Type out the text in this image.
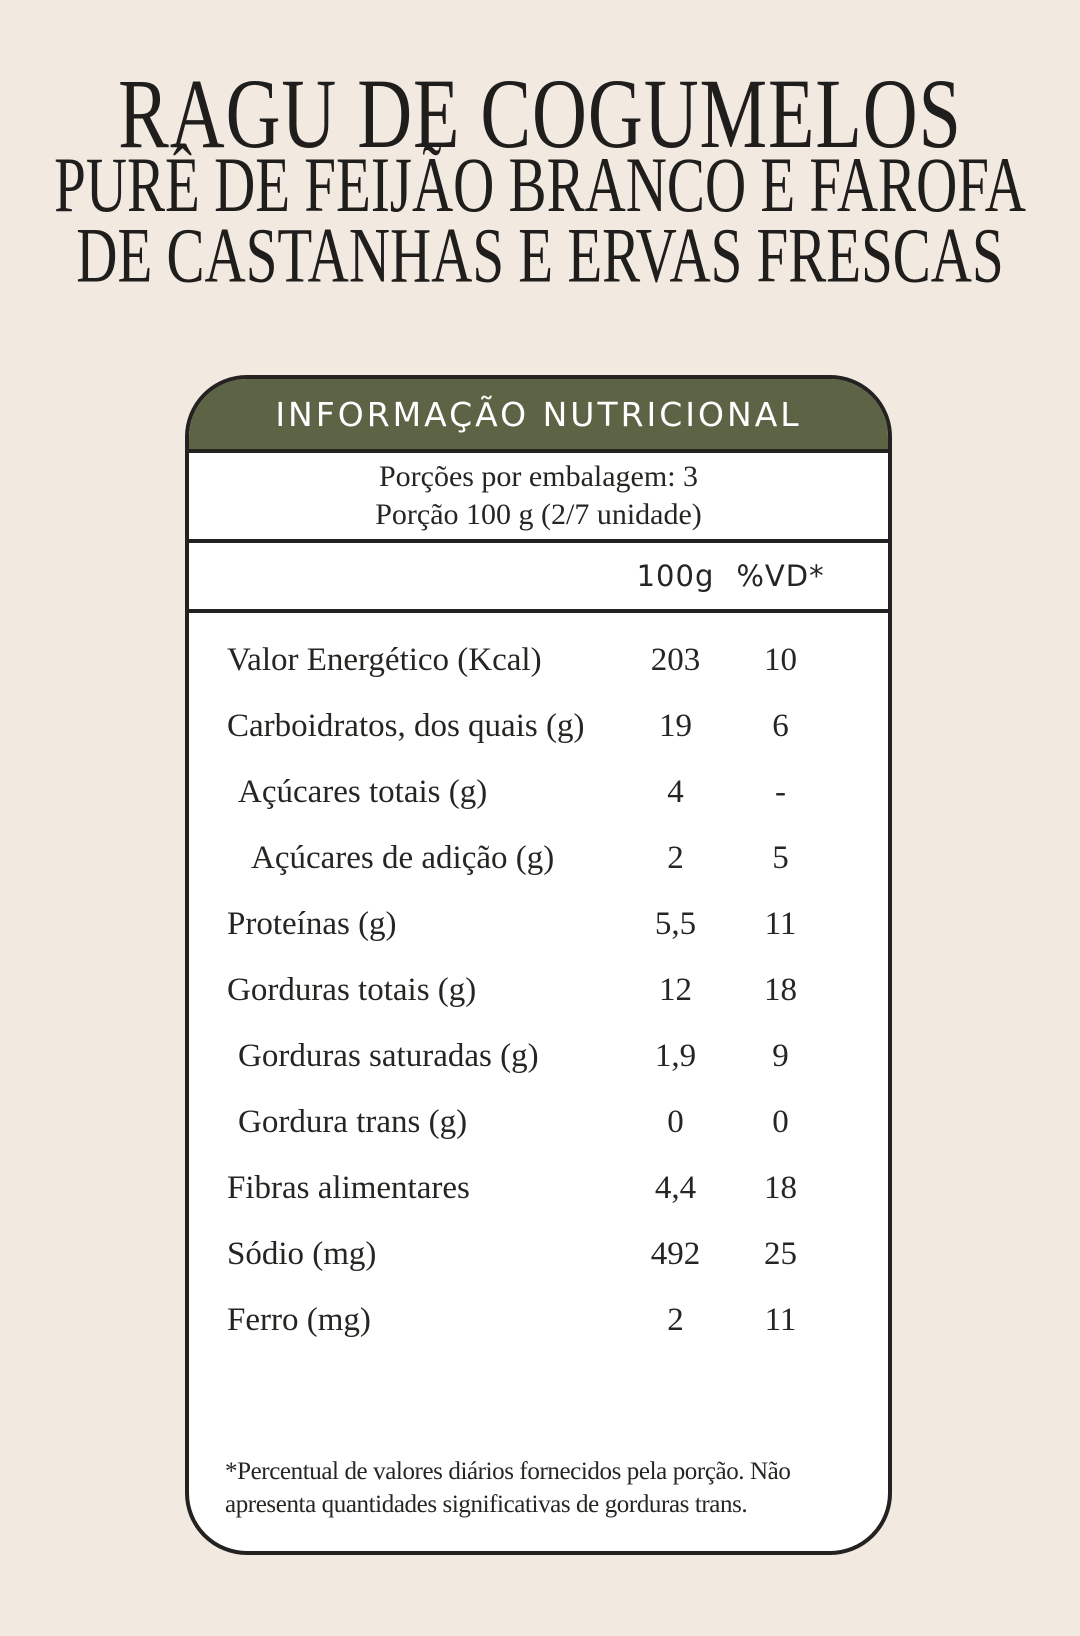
RAGU DE COGUMELOS
PURÊ DE FEIJÃO BRANCO E FAROFA
DE CASTANHAS E ERVAS FRESCAS
INFORMAÇÃO NUTRICIONAL
Porções por embalagem: 3
Porção 100 g (2/7 unidade)
100g %VD*
Valor Energético (Kcal)	203	10
Carboidratos, dos quais (g)	19	6
Açúcares totais (g)	4	-
Açúcares de adição (g)	2	5
Proteínas (g)	5,5	11
Gorduras totais (g)	12	18
Gorduras saturadas (g)	1,9	9
Gordura trans (g)	0	0
Fibras alimentares	4,4	18
Sódio (mg)	492	25
Ferro (mg)	2	11
*Percentual de valores diários fornecidos pela porção. Não apresenta quantidades significativas de gorduras trans.
